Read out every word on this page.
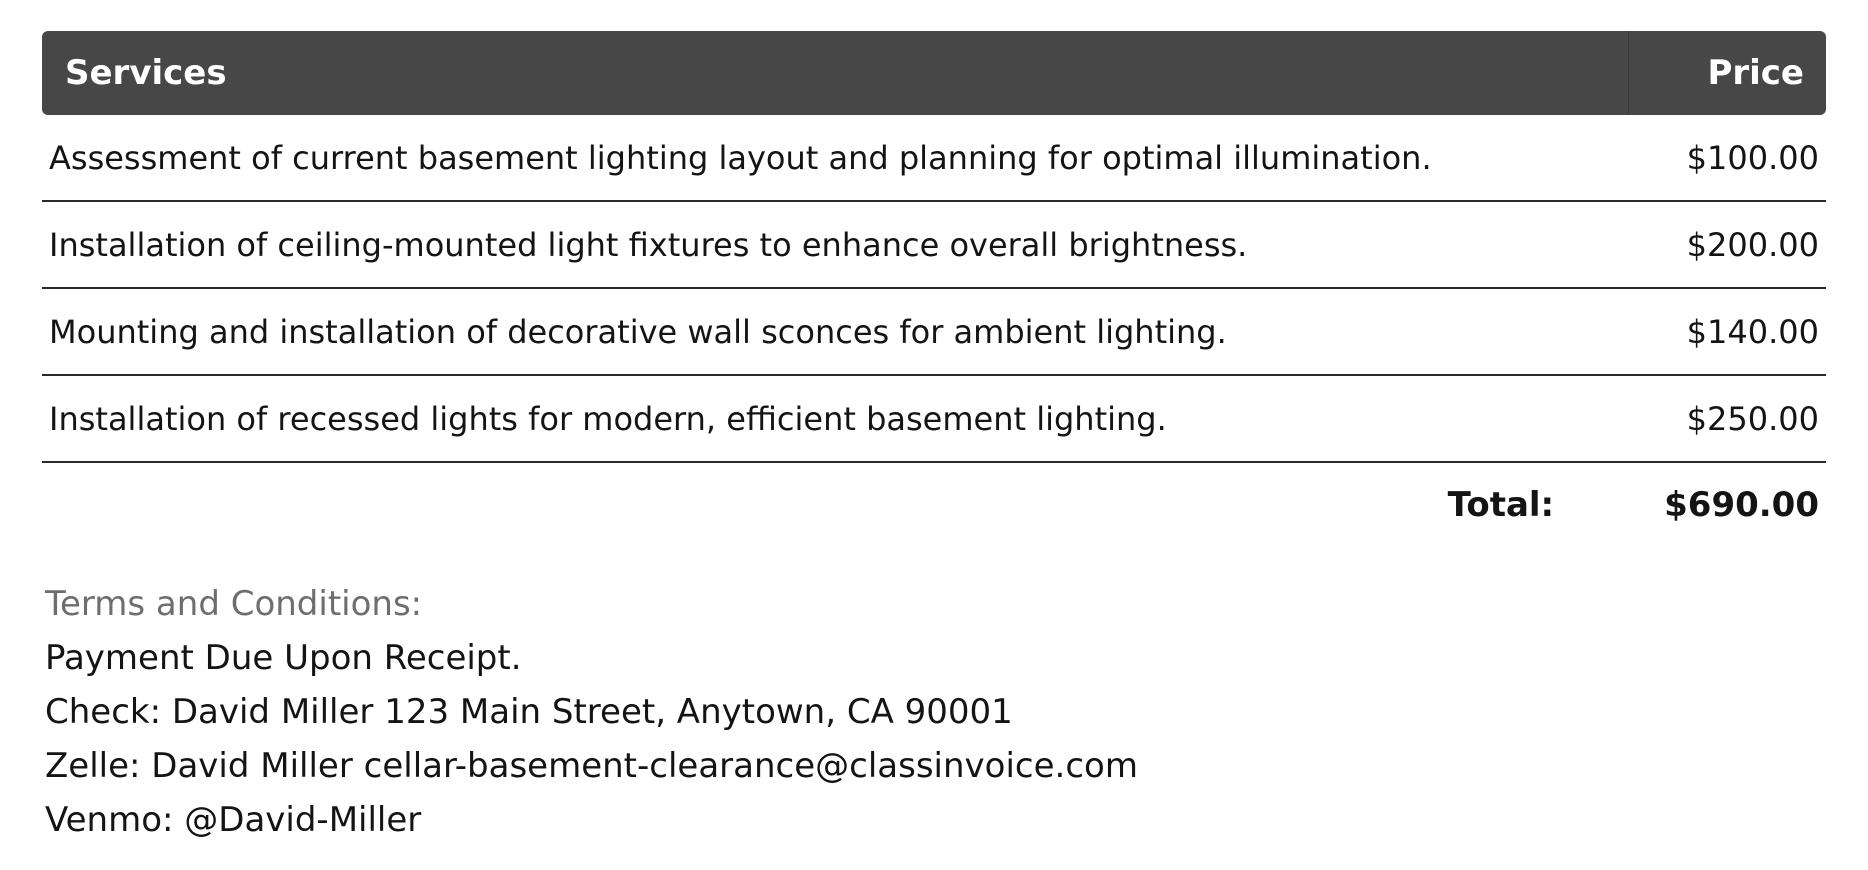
Services	Price
Assessment of current basement lighting layout and planning for optimal illumination.	$100.00
Installation of ceiling-mounted light fixtures to enhance overall brightness.	$200.00
Mounting and installation of decorative wall sconces for ambient lighting.	$140.00
Installation of recessed lights for modern, efficient basement lighting.	$250.00
Total:	$690.00
Terms and Conditions:
Payment Due Upon Receipt.
Check: David Miller 123 Main Street, Anytown, CA 90001
Zelle: David Miller cellar-basement-clearance@classinvoice.com
Venmo: @David-Miller
